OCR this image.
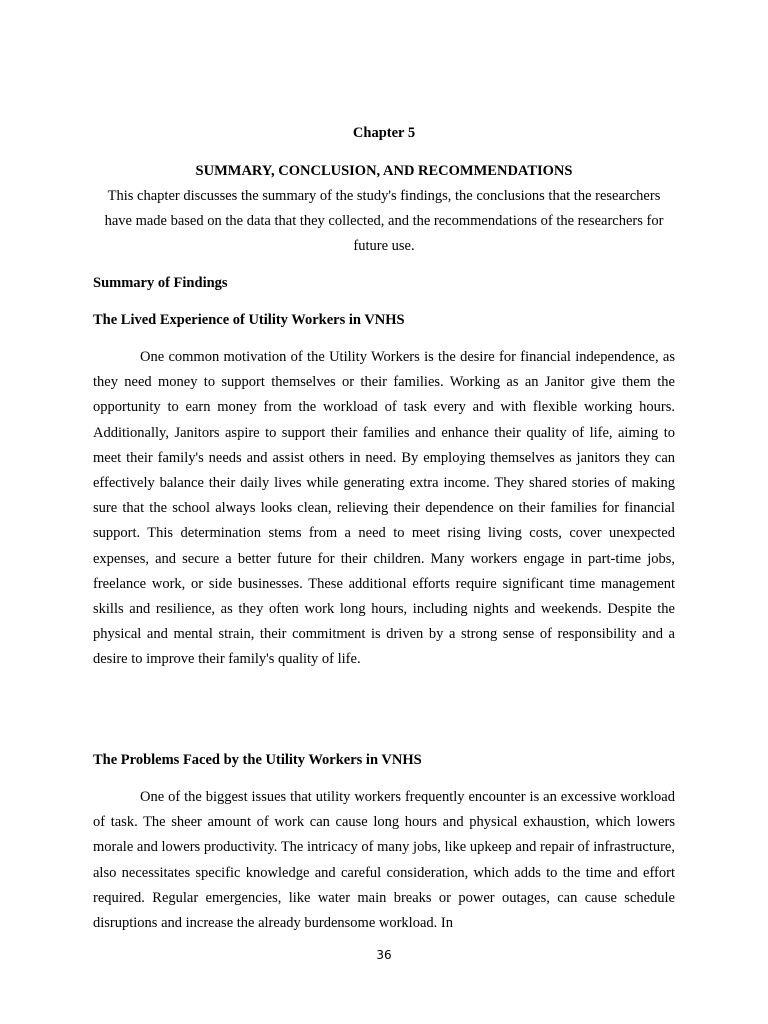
Chapter 5
SUMMARY, CONCLUSION, AND RECOMMENDATIONS

This chapter discusses the summary of the study's findings, the conclusions that the researchers have made based on the data that they collected, and the recommendations of the researchers for future use.

Summary of Findings
The Lived Experience of Utility Workers in VNHS

One common motivation of the Utility Workers is the desire for financial independence, as they need money to support themselves or their families. Working as an Janitor give them the opportunity to earn money from the workload of task every and with flexible working hours. Additionally, Janitors aspire to support their families and enhance their quality of life, aiming to meet their family's needs and assist others in need. By employing themselves as janitors they can effectively balance their daily lives while generating extra income. They shared stories of making sure that the school always looks clean, relieving their dependence on their families for financial support. This determination stems from a need to meet rising living costs, cover unexpected expenses, and secure a better future for their children. Many workers engage in part-time jobs, freelance work, or side businesses. These additional efforts require significant time management skills and resilience, as they often work long hours, including nights and weekends. Despite the physical and mental strain, their commitment is driven by a strong sense of responsibility and a desire to improve their family's quality of life.

The Problems Faced by the Utility Workers in VNHS

One of the biggest issues that utility workers frequently encounter is an excessive workload of task. The sheer amount of work can cause long hours and physical exhaustion, which lowers morale and lowers productivity. The intricacy of many jobs, like upkeep and repair of infrastructure, also necessitates specific knowledge and careful consideration, which adds to the time and effort required. Regular emergencies, like water main breaks or power outages, can cause schedule disruptions and increase the already burdensome workload. In

36
